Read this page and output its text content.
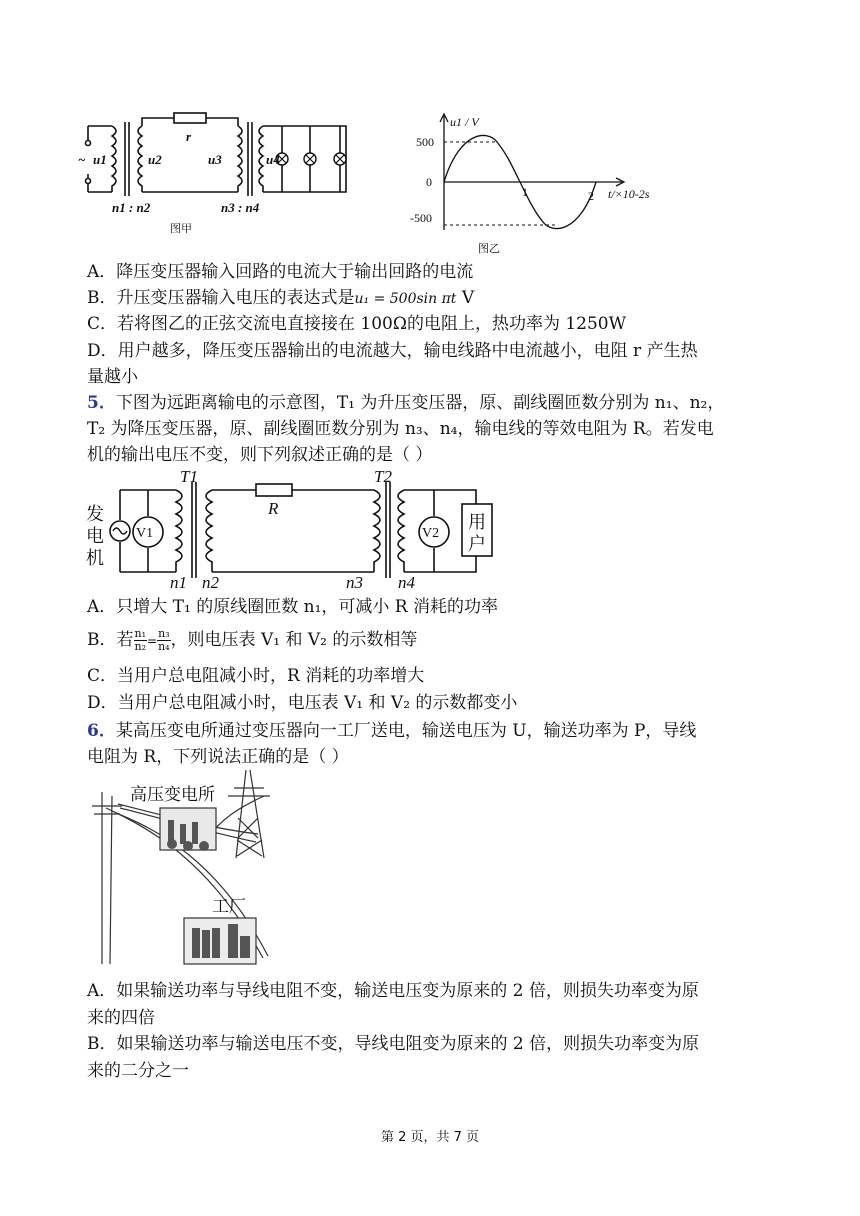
~ u1	u2	u3	u4
r
n1 : n2	n3 : n4
图甲
u1 / V
500
0
-500
1	2 t/×10-2s
图乙
A．降压变压器输入回路的电流大于输出回路的电流
B．升压变压器输入电压的表达式是u₁ = 500sin πt V
C．若将图乙的正弦交流电直接接在 100Ω的电阻上，热功率为 1250W
D．用户越多，降压变压器输出的电流越大，输电线路中电流越小，电阻 r 产生热
量越小
5．下图为远距离输电的示意图，T₁ 为升压变压器，原、副线圈匝数分别为 n₁、n₂，
T₂ 为降压变压器，原、副线圈匝数分别为 n₃、n₄，输电线的等效电阻为 R。若发电
机的输出电压不变，则下列叙述正确的是（ ）
发
电
机
用
户
T1	T2
R
n1 n2	n3 n4
V1	V2
A．只增大 T₁ 的原线圈匝数 n₁，可减小 R 消耗的功率
B．若 $\frac{\text{n₁}}{\text{n₂}} = \frac{\text{n₃}}{\text{n₄}}$ ，则电压表 V₁ 和 V₂ 的示数相等
C．当用户总电阻减小时，R 消耗的功率增大
D．当用户总电阻减小时，电压表 V₁ 和 V₂ 的示数都变小
6．某高压变电所通过变压器向一工厂送电，输送电压为 U，输送功率为 P，导线
电阻为 R，下列说法正确的是（ ）
高压变电所
工厂
A．如果输送功率与导线电阻不变，输送电压变为原来的 2 倍，则损失功率变为原
来的四倍
B．如果输送功率与输送电压不变，导线电阻变为原来的 2 倍，则损失功率变为原
来的二分之一
第 2 页，共 7 页
